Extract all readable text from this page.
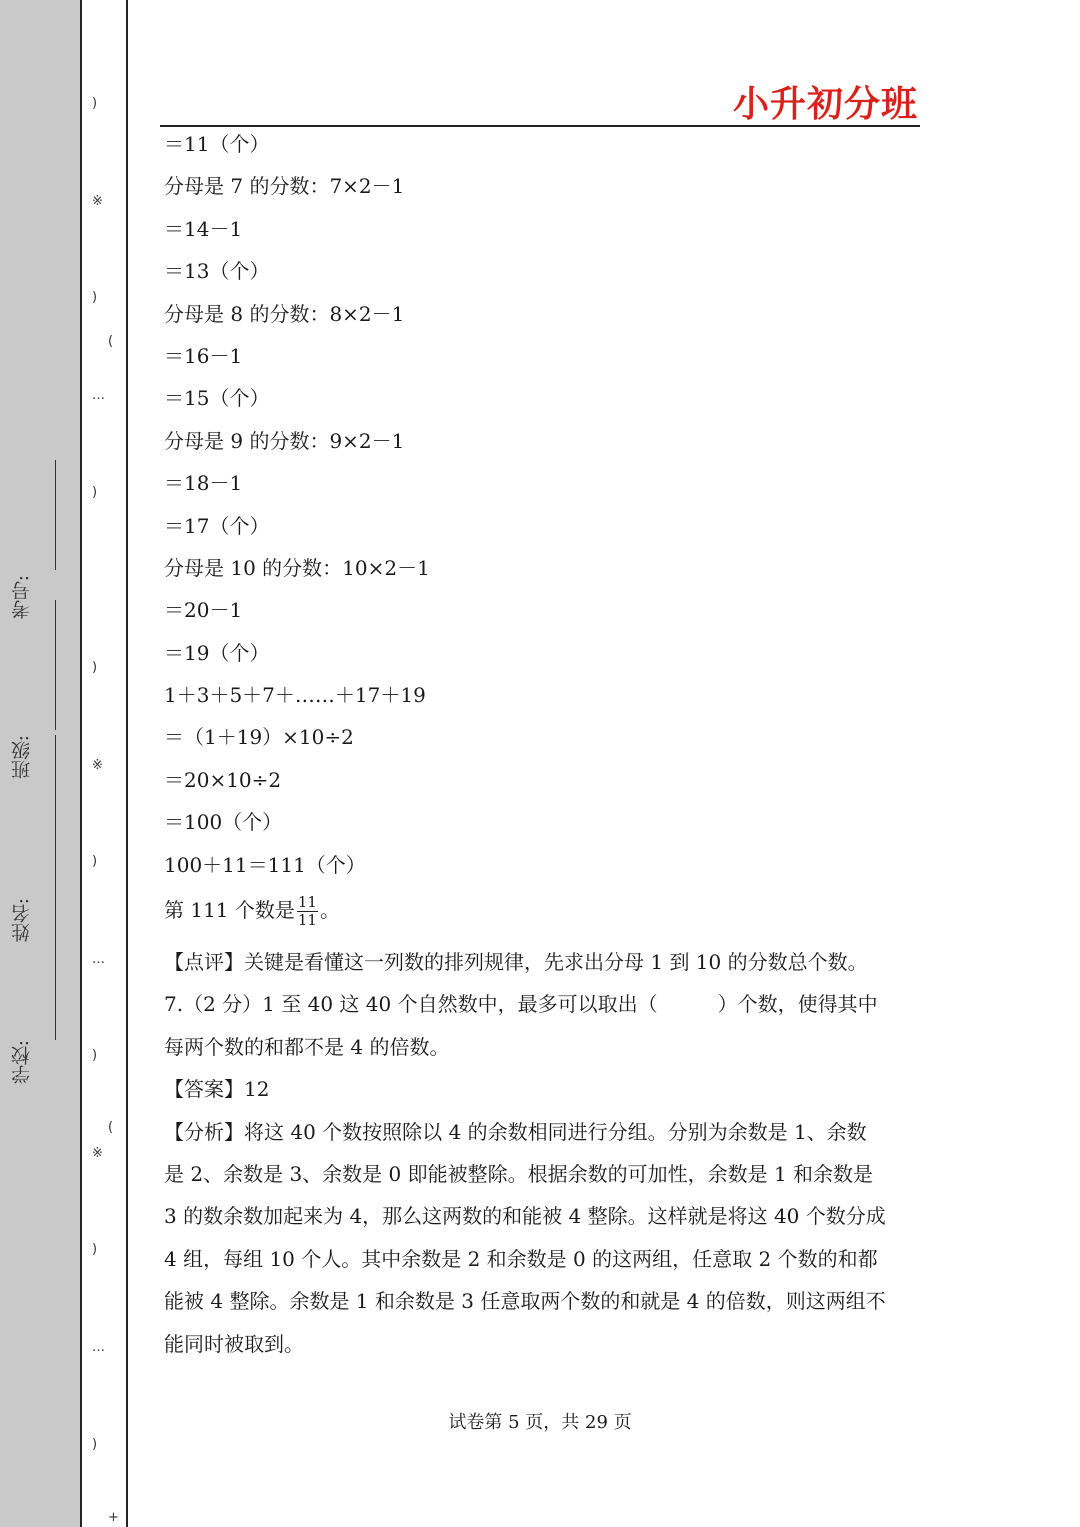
学校:
姓名:
班级:
考号:
)
※
)
(
…
)
)
※
)
…
)
(
※
)
…
)
+
小升初分班
＝11（个）
分母是 7 的分数：7×2－1
＝14－1
＝13（个）
分母是 8 的分数：8×2－1
＝16－1
＝15（个）
分母是 9 的分数：9×2－1
＝18－1
＝17（个）
分母是 10 的分数：10×2－1
＝20－1
＝19（个）
1＋3＋5＋7＋……＋17＋19
＝（1＋19）×10÷2
＝20×10÷2
＝100（个）
100＋11＝111（个）
第 111 个数是 $\frac{11}{11}$ 。
【点评】关键是看懂这一列数的排列规律，先求出分母 1 到 10 的分数总个数。
7.（2 分）1 至 40 这 40 个自然数中，最多可以取出（	）个数，使得其中
每两个数的和都不是 4 的倍数。
【答案】12
【分析】将这 40 个数按照除以 4 的余数相同进行分组。分别为余数是 1、余数
是 2、余数是 3、余数是 0 即能被整除。根据余数的可加性，余数是 1 和余数是
3 的数余数加起来为 4，那么这两数的和能被 4 整除。这样就是将这 40 个数分成
4 组，每组 10 个人。其中余数是 2 和余数是 0 的这两组，任意取 2 个数的和都
能被 4 整除。余数是 1 和余数是 3 任意取两个数的和就是 4 的倍数，则这两组不
能同时被取到。
试卷第 5 页，共 29 页
